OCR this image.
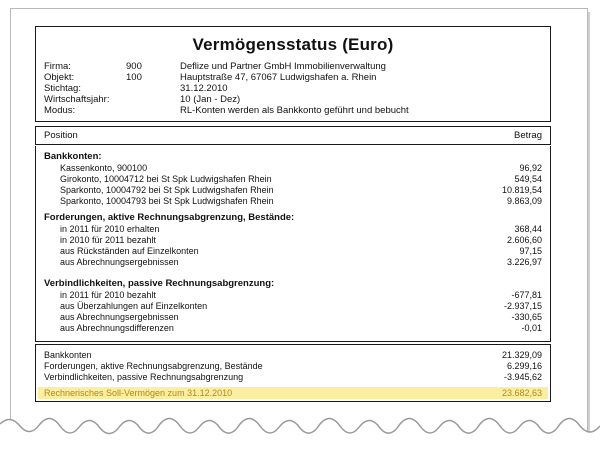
Vermögensstatus (Euro)
Firma:	900	Deflize und Partner GmbH Immobilienverwaltung
Objekt:	100	Hauptstraße 47, 67067 Ludwigshafen a. Rhein
Stichtag:	31.12.2010
Wirtschaftsjahr:	10 (Jan - Dez)
Modus:	RL-Konten werden als Bankkonto geführt und bebucht
Position	Betrag
Bankkonten:
Kassenkonto, 900100	96,92
Girokonto, 10004712 bei St Spk Ludwigshafen Rhein	549,54
Sparkonto, 10004792 bei St Spk Ludwigshafen Rhein	10.819,54
Sparkonto, 10004793 bei St Spk Ludwigshafen Rhein	9.863,09
Forderungen, aktive Rechnungsabgrenzung, Bestände:
in 2011 für 2010 erhalten	368,44
in 2010 für 2011 bezahlt	2.606,60
aus Rückständen auf Einzelkonten	97,15
aus Abrechnungsergebnissen	3.226,97
Verbindlichkeiten, passive Rechnungsabgrenzung:
in 2011 für 2010 bezahlt	-677,81
aus Überzahlungen auf Einzelkonten	-2.937,15
aus Abrechnungsergebnissen	-330,65
aus Abrechnungsdifferenzen	-0,01
Bankkonten	21.329,09
Forderungen, aktive Rechnungsabgrenzung, Bestände	6.299,16
Verbindlichkeiten, passive Rechnungsabgrenzung	-3.945,62
Rechnerisches Soll-Vermögen zum 31.12.2010	23.682,63
